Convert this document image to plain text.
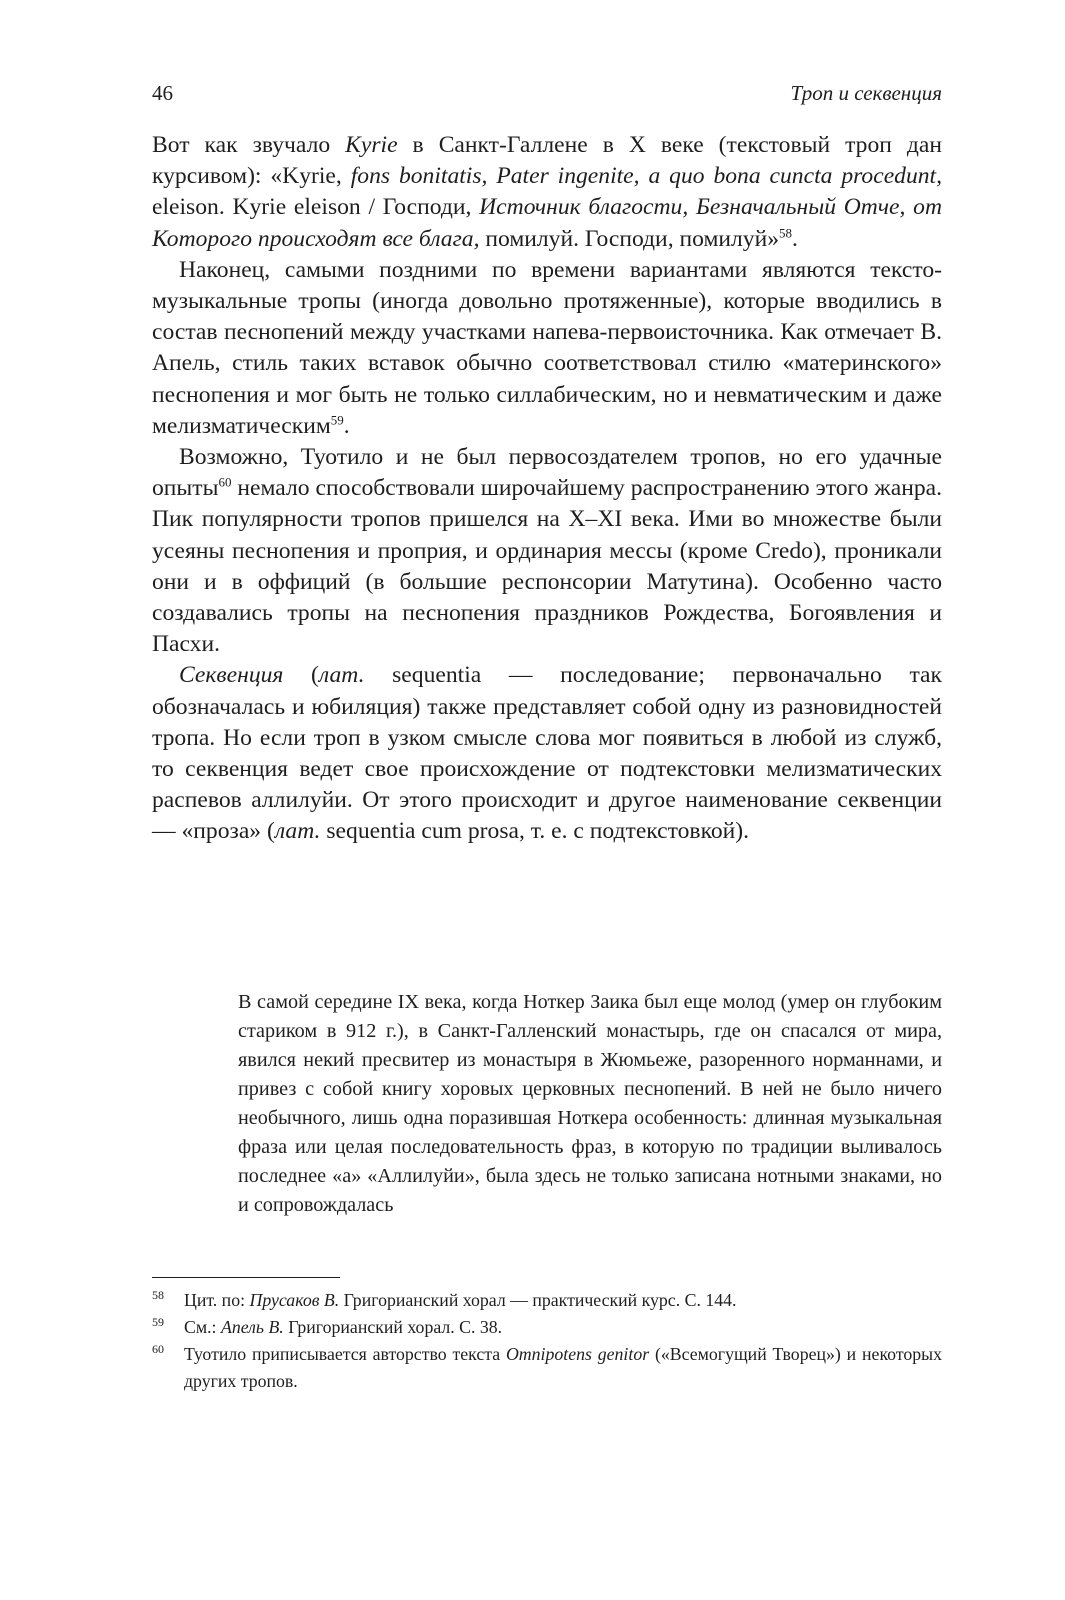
46	Троп и секвенция

Вот как звучало Kyrie в Санкт-Галлене в X веке (текстовый троп дан курсивом): «Kyrie, fons bonitatis, Pater ingenite, a quo bona cuncta procedunt, eleison. Kyrie eleison / Господи, Источник благости, Безначальный Отче, от Которого происходят все блага, помилуй. Господи, помилуй»$^{58}$.

Наконец, самыми поздними по времени вариантами являются тексто-музыкальные тропы (иногда довольно протяженные), которые вводились в состав песнопений между участками напева-первоисточника. Как отмечает В. Апель, стиль таких вставок обычно соответствовал стилю «материнского» песнопения и мог быть не только силлабическим, но и невматическим и даже мелизматическим$^{59}$.

Возможно, Туотило и не был первосоздателем тропов, но его удачные опыты$^{60}$ немало способствовали широчайшему распространению этого жанра. Пик популярности тропов пришелся на X–XI века. Ими во множестве были усеяны песнопения и проприя, и ординария мессы (кроме Credo), проникали они и в оффиций (в большие респонсории Матутина). Особенно часто создавались тропы на песнопения праздников Рождества, Богоявления и Пасхи.

Секвенция (лат. sequentia — последование; первоначально так обозначалась и юбиляция) также представляет собой одну из разновидностей тропа. Но если троп в узком смысле слова мог появиться в любой из служб, то секвенция ведет свое происхождение от подтекстовки мелизматических распевов аллилуйи. От этого происходит и другое наименование секвенции — «проза» (лат. sequentia cum prosa, т. е. с подтекстовкой).

В самой середине IX века, когда Ноткер Заика был еще молод (умер он глубоким стариком в 912 г.), в Санкт-Галленский монастырь, где он спасался от мира, явился некий пресвитер из монастыря в Жюмьеже, разоренного норманнами, и привез с собой книгу хоровых церковных песнопений. В ней не было ничего необычного, лишь одна поразившая Ноткера особенность: длинная музыкальная фраза или целая последовательность фраз, в которую по традиции выливалось последнее «а» «Аллилуйи», была здесь не только записана нотными знаками, но и сопровождалась
58 Цит. по: Прусаков В. Григорианский хорал — практический курс. С. 144.
59 См.: Апель В. Григорианский хорал. С. 38.
60 Туотило приписывается авторство текста Omnipotens genitor («Всемогущий Творец») и некоторых других тропов.
